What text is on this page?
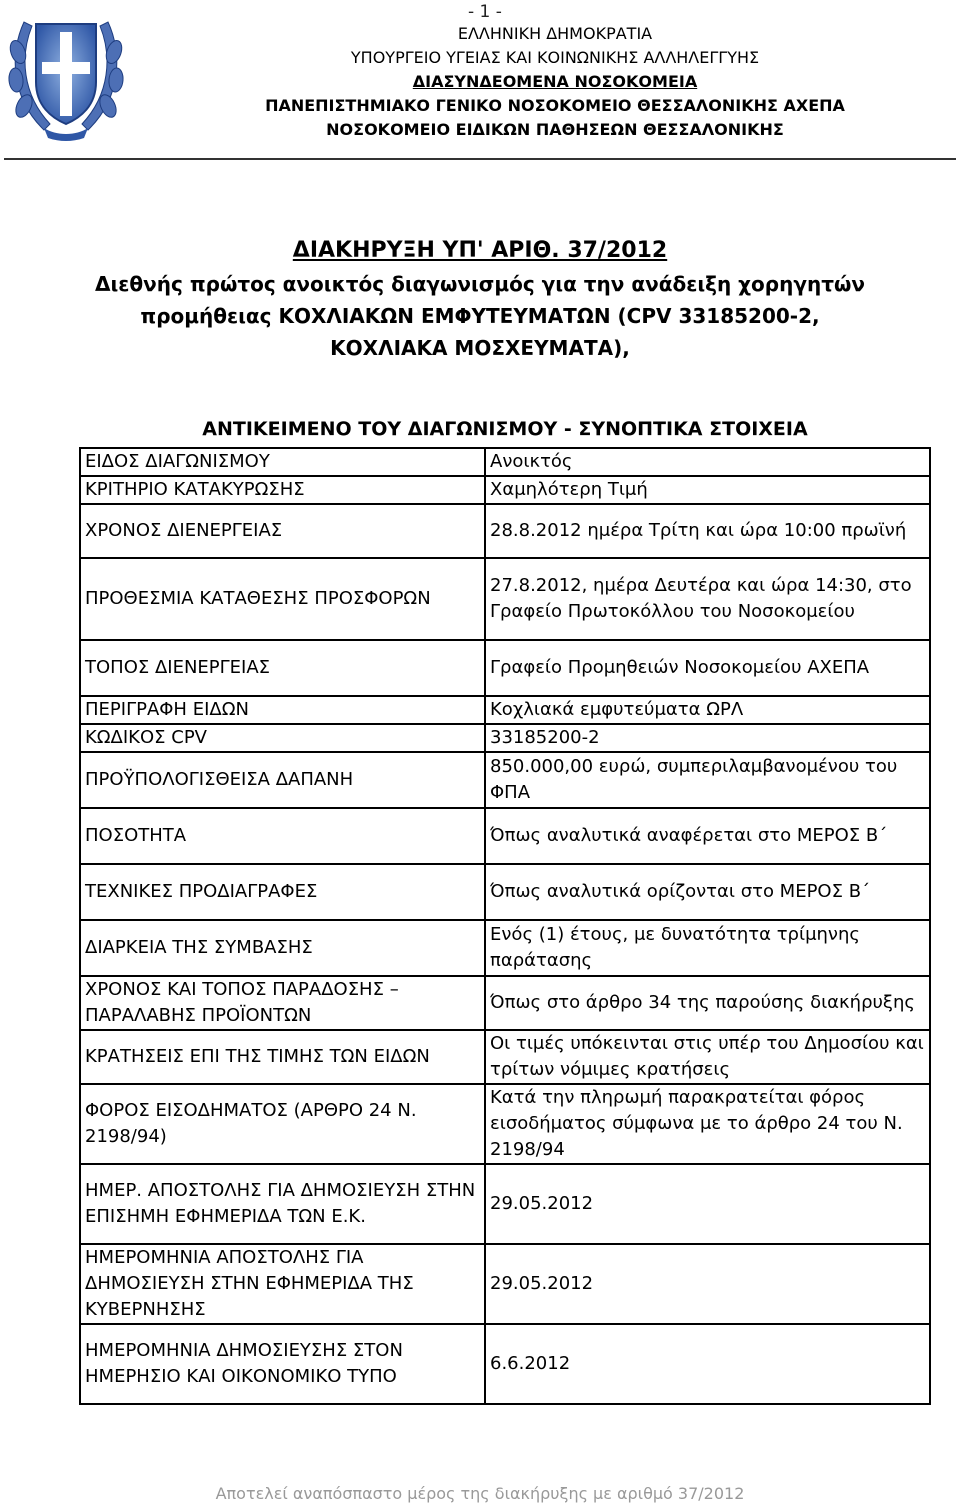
- 1 -
ΕΛΛΗΝΙΚΗ ΔΗΜΟΚΡΑΤΙΑ
ΥΠΟΥΡΓΕΙΟ ΥΓΕΙΑΣ ΚΑΙ ΚΟΙΝΩΝΙΚΗΣ ΑΛΛΗΛΕΓΓΥΗΣ
ΔΙΑΣΥΝΔΕΟΜΕΝΑ ΝΟΣΟΚΟΜΕΙΑ
ΠΑΝΕΠΙΣΤΗΜΙΑΚΟ ΓΕΝΙΚΟ ΝΟΣΟΚΟΜΕΙΟ ΘΕΣΣΑΛΟΝΙΚΗΣ ΑΧΕΠΑ
ΝΟΣΟΚΟΜΕΙΟ ΕΙΔΙΚΩΝ ΠΑΘΗΣΕΩΝ ΘΕΣΣΑΛΟΝΙΚΗΣ
ΔΙΑΚΗΡΥΞΗ ΥΠ' ΑΡΙΘ. 37/2012
Διεθνής πρώτος ανοικτός διαγωνισμός για την ανάδειξη χορηγητών
προμήθειας ΚΟΧΛΙΑΚΩΝ ΕΜΦΥΤΕΥΜΑΤΩΝ (CPV 33185200-2,
ΚΟΧΛΙΑΚΑ ΜΟΣΧΕΥΜΑΤΑ),
ΑΝΤΙΚΕΙΜΕΝΟ ΤΟΥ ΔΙΑΓΩΝΙΣΜΟΥ - ΣΥΝΟΠΤΙΚΑ ΣΤΟΙΧΕΙΑ
ΕΙΔΟΣ ΔΙΑΓΩΝΙΣΜΟΥ	Ανοικτός
ΚΡΙΤΗΡΙΟ ΚΑΤΑΚΥΡΩΣΗΣ	Χαμηλότερη Τιμή
ΧΡΟΝΟΣ ΔΙΕΝΕΡΓΕΙΑΣ	28.8.2012 ημέρα Τρίτη και ώρα 10:00 πρωϊνή
ΠΡΟΘΕΣΜΙΑ ΚΑΤΑΘΕΣΗΣ ΠΡΟΣΦΟΡΩΝ	27.8.2012, ημέρα Δευτέρα και ώρα 14:30, στο Γραφείο Πρωτοκόλλου του Νοσοκομείου
ΤΟΠΟΣ ΔΙΕΝΕΡΓΕΙΑΣ	Γραφείο Προμηθειών Νοσοκομείου ΑΧΕΠΑ
ΠΕΡΙΓΡΑΦΗ ΕΙΔΩΝ	Κοχλιακά εμφυτεύματα ΩΡΛ
ΚΩΔΙΚΟΣ CPV	33185200-2
ΠΡΟΫΠΟΛΟΓΙΣΘΕΙΣΑ ΔΑΠΑΝΗ	850.000,00 ευρώ, συμπεριλαμβανομένου του ΦΠΑ
ΠΟΣΟΤΗΤΑ	Όπως αναλυτικά αναφέρεται στο ΜΕΡΟΣ Β΄
ΤΕΧΝΙΚΕΣ ΠΡΟΔΙΑΓΡΑΦΕΣ	Όπως αναλυτικά ορίζονται στο ΜΕΡΟΣ Β΄
ΔΙΑΡΚΕΙΑ ΤΗΣ ΣΥΜΒΑΣΗΣ	Ενός (1) έτους, με δυνατότητα τρίμηνης παράτασης
ΧΡΟΝΟΣ ΚΑΙ ΤΟΠΟΣ ΠΑΡΑΔΟΣΗΣ – ΠΑΡΑΛΑΒΗΣ ΠΡΟΪΟΝΤΩΝ	Όπως στο άρθρο 34 της παρούσης διακήρυξης
ΚΡΑΤΗΣΕΙΣ ΕΠΙ ΤΗΣ ΤΙΜΗΣ ΤΩΝ ΕΙΔΩΝ	Οι τιμές υπόκεινται στις υπέρ του Δημοσίου και τρίτων νόμιμες κρατήσεις
ΦΟΡΟΣ ΕΙΣΟΔΗΜΑΤΟΣ (ΑΡΘΡΟ 24 Ν. 2198/94)	Κατά την πληρωμή παρακρατείται φόρος εισοδήματος σύμφωνα με το άρθρο 24 του Ν. 2198/94
ΗΜΕΡ. ΑΠΟΣΤΟΛΗΣ ΓΙΑ ΔΗΜΟΣΙΕΥΣΗ ΣΤΗΝ ΕΠΙΣΗΜΗ ΕΦΗΜΕΡΙΔΑ ΤΩΝ Ε.Κ.	29.05.2012
ΗΜΕΡΟΜΗΝΙΑ ΑΠΟΣΤΟΛΗΣ ΓΙΑ ΔΗΜΟΣΙΕΥΣΗ ΣΤΗΝ ΕΦΗΜΕΡΙΔΑ ΤΗΣ ΚΥΒΕΡΝΗΣΗΣ	29.05.2012
ΗΜΕΡΟΜΗΝΙΑ ΔΗΜΟΣΙΕΥΣΗΣ ΣΤΟΝ ΗΜΕΡΗΣΙΟ ΚΑΙ ΟΙΚΟΝΟΜΙΚΟ ΤΥΠΟ	6.6.2012
Αποτελεί αναπόσπαστο μέρος της διακήρυξης με αριθμό 37/2012
